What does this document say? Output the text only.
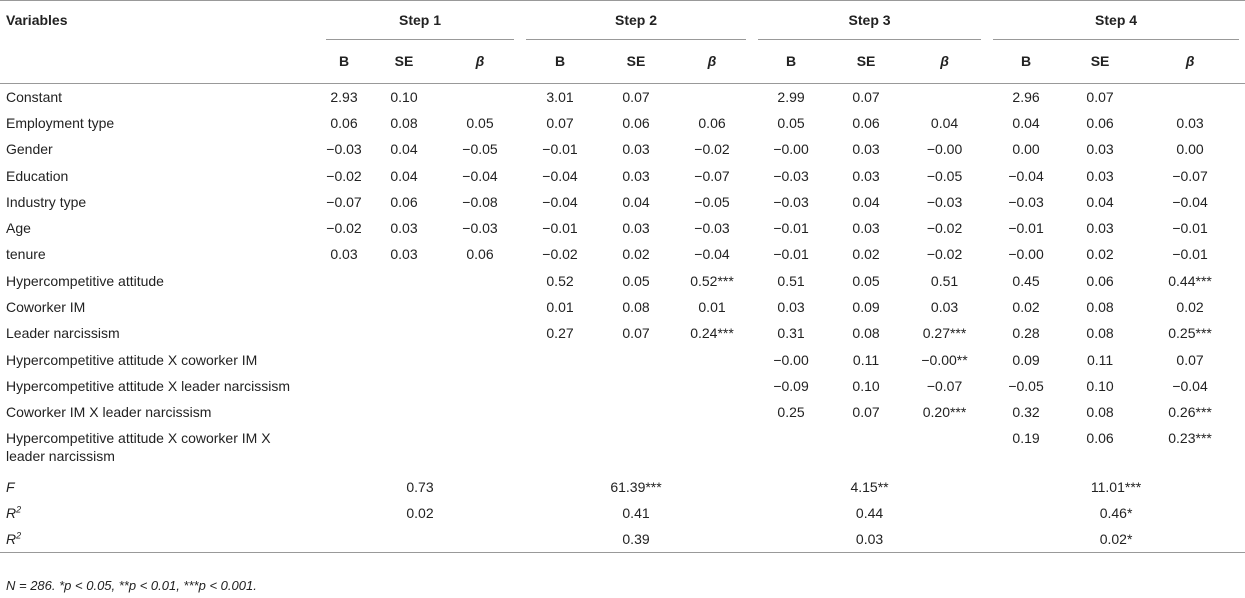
Variables	Step 1			Step 2			Step 3			Step 4		

	B	SE	β	B	SE	β	B	SE	β	B	SE	β
Constant	2.93	0.10		3.01	0.07		2.99	0.07		2.96	0.07	
Employment type	0.06	0.08	0.05	0.07	0.06	0.06	0.05	0.06	0.04	0.04	0.06	0.03
Gender	−0.03	0.04	−0.05	−0.01	0.03	−0.02	−0.00	0.03	−0.00	0.00	0.03	0.00
Education	−0.02	0.04	−0.04	−0.04	0.03	−0.07	−0.03	0.03	−0.05	−0.04	0.03	−0.07
Industry type	−0.07	0.06	−0.08	−0.04	0.04	−0.05	−0.03	0.04	−0.03	−0.03	0.04	−0.04
Age	−0.02	0.03	−0.03	−0.01	0.03	−0.03	−0.01	0.03	−0.02	−0.01	0.03	−0.01
tenure	0.03	0.03	0.06	−0.02	0.02	−0.04	−0.01	0.02	−0.02	−0.00	0.02	−0.01
Hypercompetitive attitude				0.52	0.05	0.52***	0.51	0.05	0.51	0.45	0.06	0.44***
Coworker IM				0.01	0.08	0.01	0.03	0.09	0.03	0.02	0.08	0.02
Leader narcissism				0.27	0.07	0.24***	0.31	0.08	0.27***	0.28	0.08	0.25***
Hypercompetitive attitude X coworker IM							−0.00	0.11	−0.00**	0.09	0.11	0.07
Hypercompetitive attitude X leader narcissism							−0.09	0.10	−0.07	−0.05	0.10	−0.04
Coworker IM X leader narcissism							0.25	0.07	0.20***	0.32	0.08	0.26***

Hypercompetitive attitude X coworker IM X
leader narcissism										0.19	0.06	0.23***
F	0.73			61.39***			4.15**			11.01***		
$R^2$	0.02			0.41			0.44			0.46*		
$R^2$				0.39			0.03			0.02*		
N = 286. *p < 0.05, **p < 0.01, ***p < 0.001.
